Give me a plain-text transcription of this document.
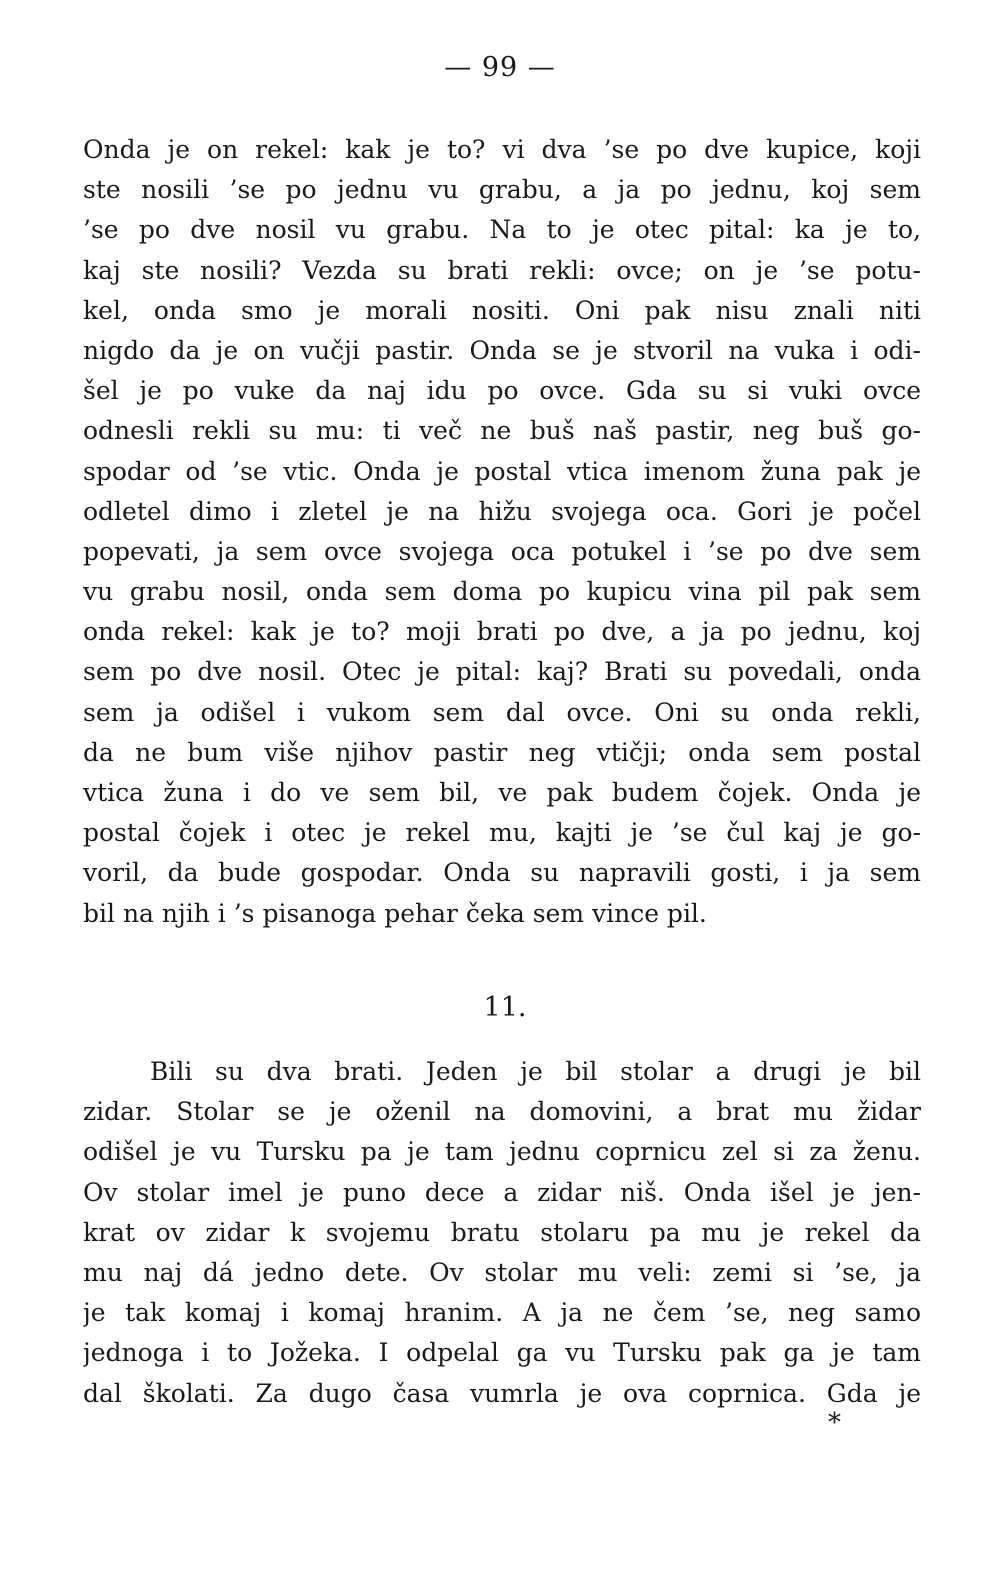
— 99 —
Onda je on rekel: kak je to? vi dva ’se po dve kupice, koji
ste nosili ’se po jednu vu grabu, a ja po jednu, koj sem
’se po dve nosil vu grabu. Na to je otec pital: ka je to,
kaj ste nosili? Vezda su brati rekli: ovce; on je ’se potu-
kel, onda smo je morali nositi. Oni pak nisu znali niti
nigdo da je on vučji pastir. Onda se je stvoril na vuka i odi-
šel je po vuke da naj idu po ovce. Gda su si vuki ovce
odnesli rekli su mu: ti več ne buš naš pastir, neg buš go-
spodar od ’se vtic. Onda je postal vtica imenom žuna pak je
odletel dimo i zletel je na hižu svojega oca. Gori je počel
popevati, ja sem ovce svojega oca potukel i ’se po dve sem
vu grabu nosil, onda sem doma po kupicu vina pil pak sem
onda rekel: kak je to? moji brati po dve, a ja po jednu, koj
sem po dve nosil. Otec je pital: kaj? Brati su povedali, onda
sem ja odišel i vukom sem dal ovce. Oni su onda rekli,
da ne bum više njihov pastir neg vtičji; onda sem postal
vtica žuna i do ve sem bil, ve pak budem čojek. Onda je
postal čojek i otec je rekel mu, kajti je ’se čul kaj je go-
voril, da bude gospodar. Onda su napravili gosti, i ja sem
bil na njih i ’s pisanoga pehar čeka sem vince pil.
11.
Bili su dva brati. Jeden je bil stolar a drugi je bil
zidar. Stolar se je oženil na domovini, a brat mu židar
odišel je vu Tursku pa je tam jednu coprnicu zel si za ženu.
Ov stolar imel je puno dece a zidar niš. Onda išel je jen-
krat ov zidar k svojemu bratu stolaru pa mu je rekel da
mu naj dá jedno dete. Ov stolar mu veli: zemi si ’se, ja
je tak komaj i komaj hranim. A ja ne čem ’se, neg samo
jednoga i to Jožeka. I odpelal ga vu Tursku pak ga je tam
dal školati. Za dugo časa vumrla je ova coprnica. Gda je
*
